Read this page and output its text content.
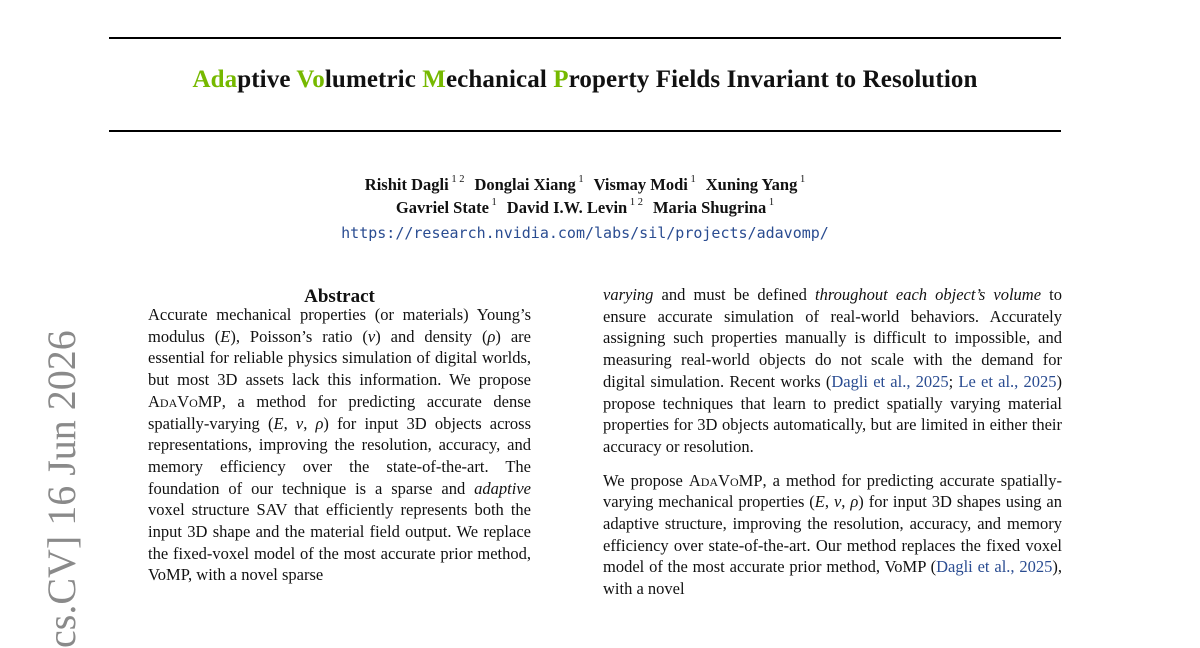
Adaptive Volumetric Mechanical Property Fields Invariant to Resolution
Rishit Dagli $^{1 2}$ Donglai Xiang $^1$ Vismay Modi $^1$ Xuning Yang $^1$
Gavriel State $^1$ David I.W. Levin $^{1 2}$ Maria Shugrina $^1$
https://research.nvidia.com/labs/sil/projects/adavomp/
cs.CV] 16 Jun 2026
Abstract

Accurate mechanical properties (or materials) Young’s modulus (E), Poisson’s ratio (ν) and density (ρ) are essential for reliable physics simulation of digital worlds, but most 3D assets lack this information. We propose AdaVoMP, a method for predicting accurate dense spatially-varying (E, ν, ρ) for input 3D objects across representations, improving the resolution, accuracy, and memory efficiency over the state-of-the-art. The foundation of our technique is a sparse and adaptive voxel structure SAV that efficiently represents both the input 3D shape and the material field output. We replace the fixed-voxel model of the most accurate prior method, VoMP, with a novel sparse

varying and must be defined throughout each object’s volume to ensure accurate simulation of real-world behaviors. Accurately assigning such properties manually is difficult to impossible, and measuring real-world objects do not scale with the demand for digital simulation. Recent works (Dagli et al., 2025; Le et al., 2025) propose techniques that learn to predict spatially varying material properties for 3D objects automatically, but are limited in either their accuracy or resolution.

We propose AdaVoMP, a method for predicting accurate spatially-varying mechanical properties (E, ν, ρ) for input 3D shapes using an adaptive structure, improving the resolution, accuracy, and memory efficiency over state-of-the-art. Our method replaces the fixed voxel model of the most accurate prior method, VoMP (Dagli et al., 2025), with a novel
